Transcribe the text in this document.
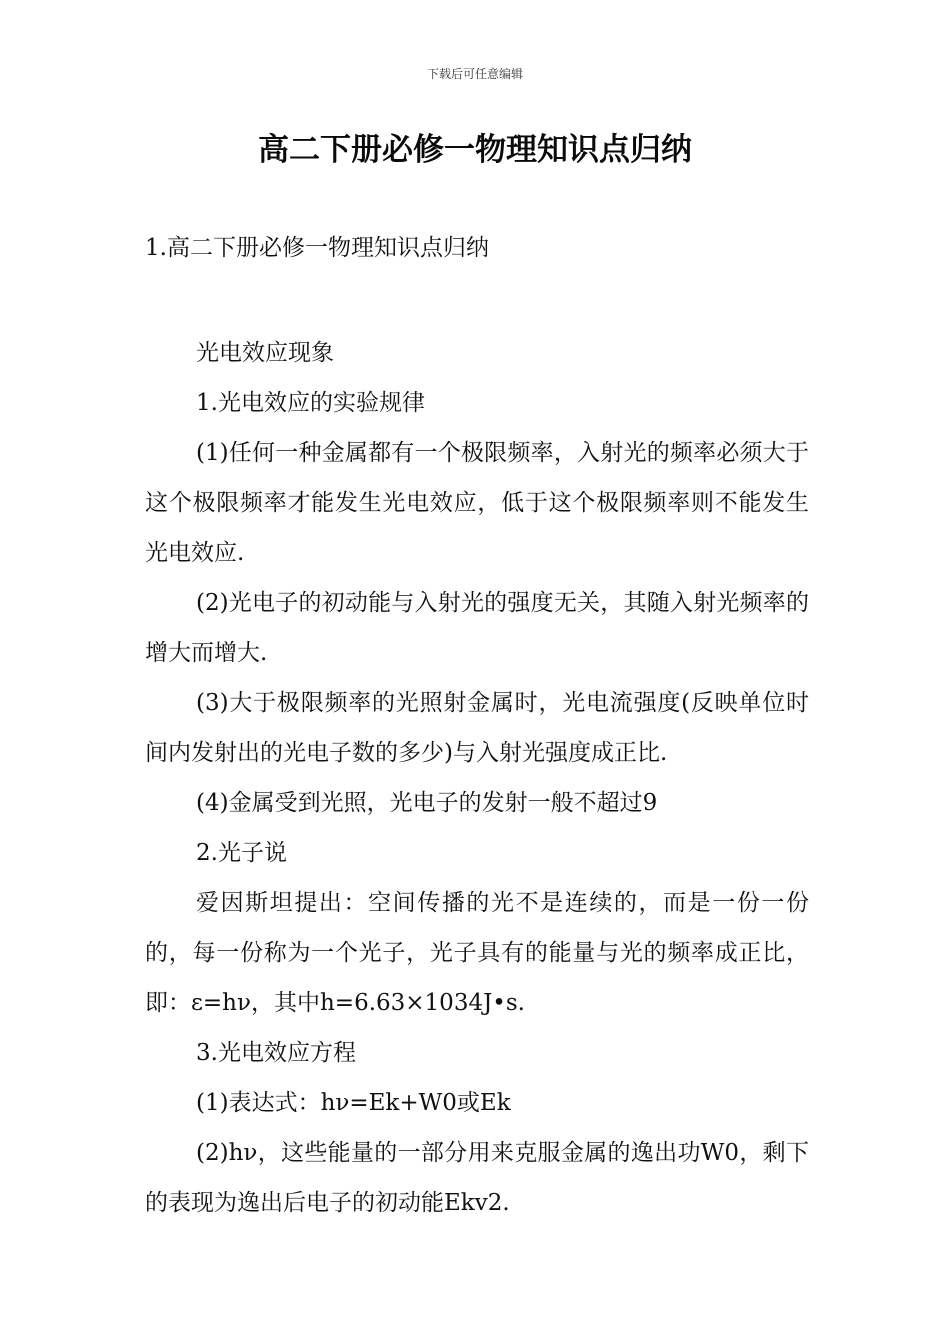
下载后可任意编辑
高二下册必修一物理知识点归纳
1.高二下册必修一物理知识点归纳

光电效应现象

1.光电效应的实验规律

(1)任何一种金属都有一个极限频率，入射光的频率必须大于这个极限频率才能发生光电效应，低于这个极限频率则不能发生光电效应.

(2)光电子的初动能与入射光的强度无关，其随入射光频率的增大而增大.

(3)大于极限频率的光照射金属时，光电流强度(反映单位时间内发射出的光电子数的多少)与入射光强度成正比.

(4)金属受到光照，光电子的发射一般不超过9

2.光子说

爱因斯坦提出：空间传播的光不是连续的，而是一份一份的，每一份称为一个光子，光子具有的能量与光的频率成正比，即：ε=hν，其中h=6.63×1034J•s.

3.光电效应方程

(1)表达式：hν=Ek+W0或Ek

(2)hν，这些能量的一部分用来克服金属的逸出功W0，剩下的表现为逸出后电子的初动能Ekv2.
